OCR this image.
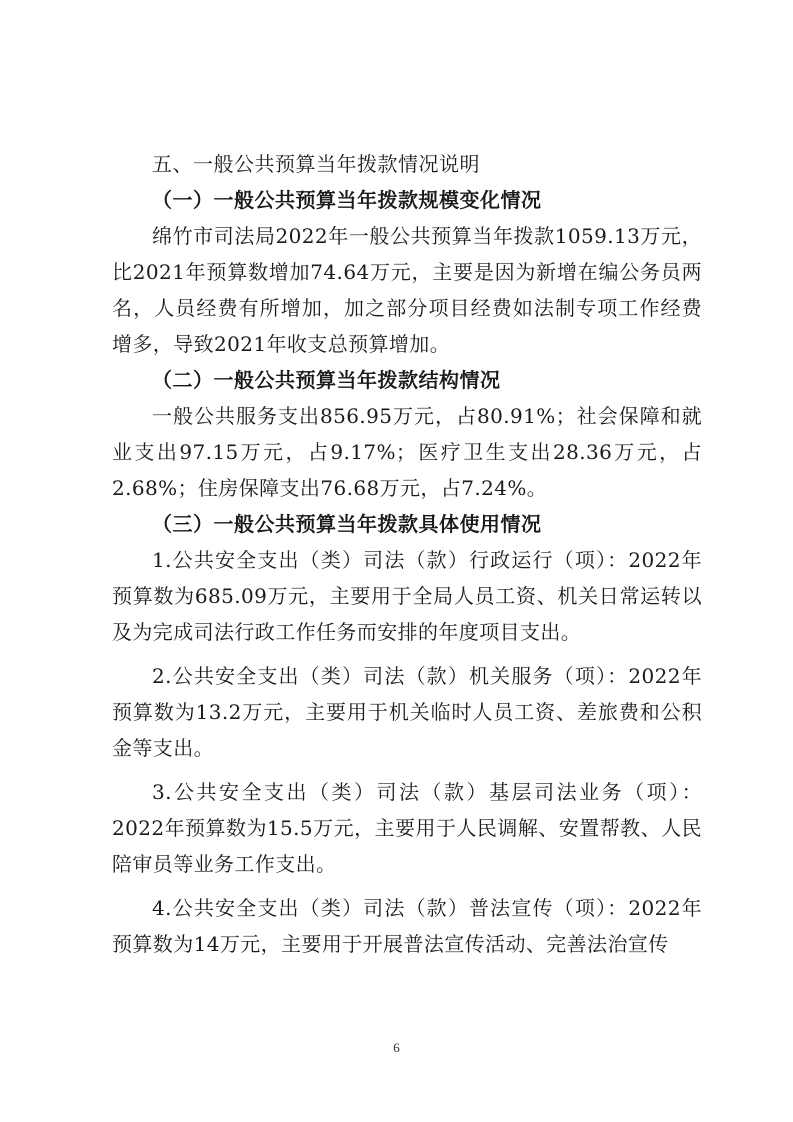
五、一般公共预算当年拨款情况说明

（一）一般公共预算当年拨款规模变化情况

绵竹市司法局2022年一般公共预算当年拨款1059.13万元，比2021年预算数增加74.64万元，主要是因为新增在编公务员两名，人员经费有所增加，加之部分项目经费如法制专项工作经费增多，导致2021年收支总预算增加。

（二）一般公共预算当年拨款结构情况

一般公共服务支出856.95万元，占80.91%；社会保障和就业支出97.15万元，占9.17%；医疗卫生支出28.36万元，占2.68%；住房保障支出76.68万元，占7.24%。

（三）一般公共预算当年拨款具体使用情况

1.公共安全支出（类）司法（款）行政运行（项）：2022年预算数为685.09万元，主要用于全局人员工资、机关日常运转以及为完成司法行政工作任务而安排的年度项目支出。

2.公共安全支出（类）司法（款）机关服务（项）：2022年预算数为13.2万元，主要用于机关临时人员工资、差旅费和公积金等支出。

3.公共安全支出（类）司法（款）基层司法业务（项）：2022年预算数为15.5万元，主要用于人民调解、安置帮教、人民陪审员等业务工作支出。

4.公共安全支出（类）司法（款）普法宣传（项）：2022年预算数为14万元，主要用于开展普法宣传活动、完善法治宣传

6
